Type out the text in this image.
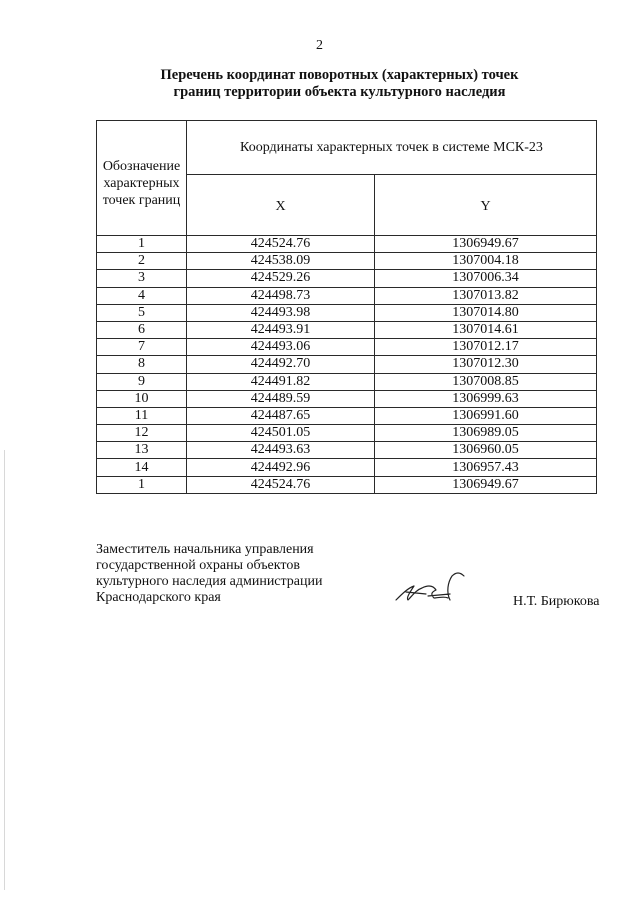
2
Перечень координат поворотных (характерных) точек
границ территории объекта культурного наследия
Обозначение
характерных
точек границ	Координаты характерных точек в системе МСК-23	
	X	Y
1	424524.76	1306949.67
2	424538.09	1307004.18
3	424529.26	1307006.34
4	424498.73	1307013.82
5	424493.98	1307014.80
6	424493.91	1307014.61
7	424493.06	1307012.17
8	424492.70	1307012.30
9	424491.82	1307008.85
10	424489.59	1306999.63
11	424487.65	1306991.60
12	424501.05	1306989.05
13	424493.63	1306960.05
14	424492.96	1306957.43
1	424524.76	1306949.67
Заместитель начальника управления
государственной охраны объектов
культурного наследия администрации
Краснодарского края	Н.Т. Бирюкова
